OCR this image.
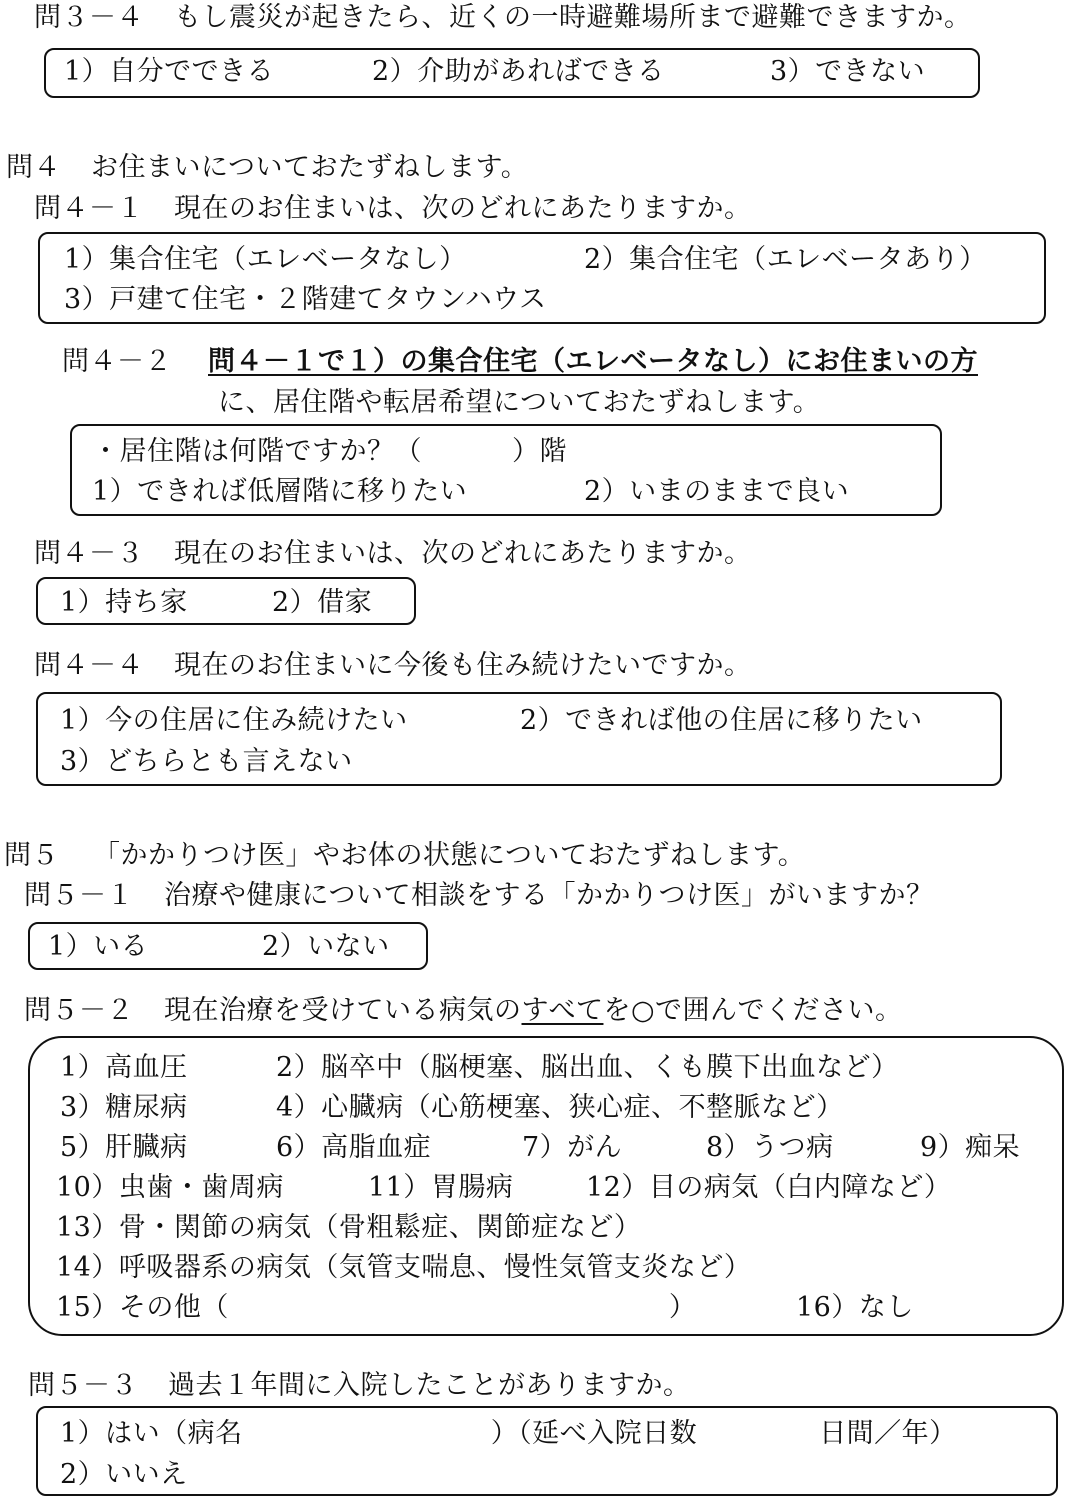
問３－４ もし震災が起きたら、近くの一時避難場所まで避難できますか。
1）自分でできる	2）介助があればできる	3）できない
問４ お住まいについておたずねします。
問４－１ 現在のお住まいは、次のどれにあたりますか。
1）集合住宅（エレベータなし）	2）集合住宅（エレベータあり）
3）戸建て住宅・２階建てタウンハウス
問４－２ 問４－１で１）の集合住宅（エレベータなし）にお住まいの方
に、居住階や転居希望についておたずねします。
・居住階は何階ですか？（	）階
1）できれば低層階に移りたい	2）いまのままで良い
問４－３ 現在のお住まいは、次のどれにあたりますか。
1）持ち家	2）借家
問４－４ 現在のお住まいに今後も住み続けたいですか。
1）今の住居に住み続けたい	2）できれば他の住居に移りたい
3）どちらとも言えない
問５ 「かかりつけ医」やお体の状態についておたずねします。
問５－１ 治療や健康について相談をする「かかりつけ医」がいますか？
1）いる	2）いない
問５－２ 現在治療を受けている病気のすべてを○で囲んでください。
1）高血圧	2）脳卒中（脳梗塞、脳出血、くも膜下出血など）
3）糖尿病	4）心臓病（心筋梗塞、狭心症、不整脈など）
5）肝臓病	6）高脂血症	7）がん	8）うつ病	9）痴呆
10）虫歯・歯周病	11）胃腸病	12）目の病気（白内障など）
13）骨・関節の病気（骨粗鬆症、関節症など）
14）呼吸器系の病気（気管支喘息、慢性気管支炎など）
15）その他（	）	16）なし
問５－３ 過去１年間に入院したことがありますか。
1）はい（病名	）（延べ入院日数	日間／年）
2）いいえ
